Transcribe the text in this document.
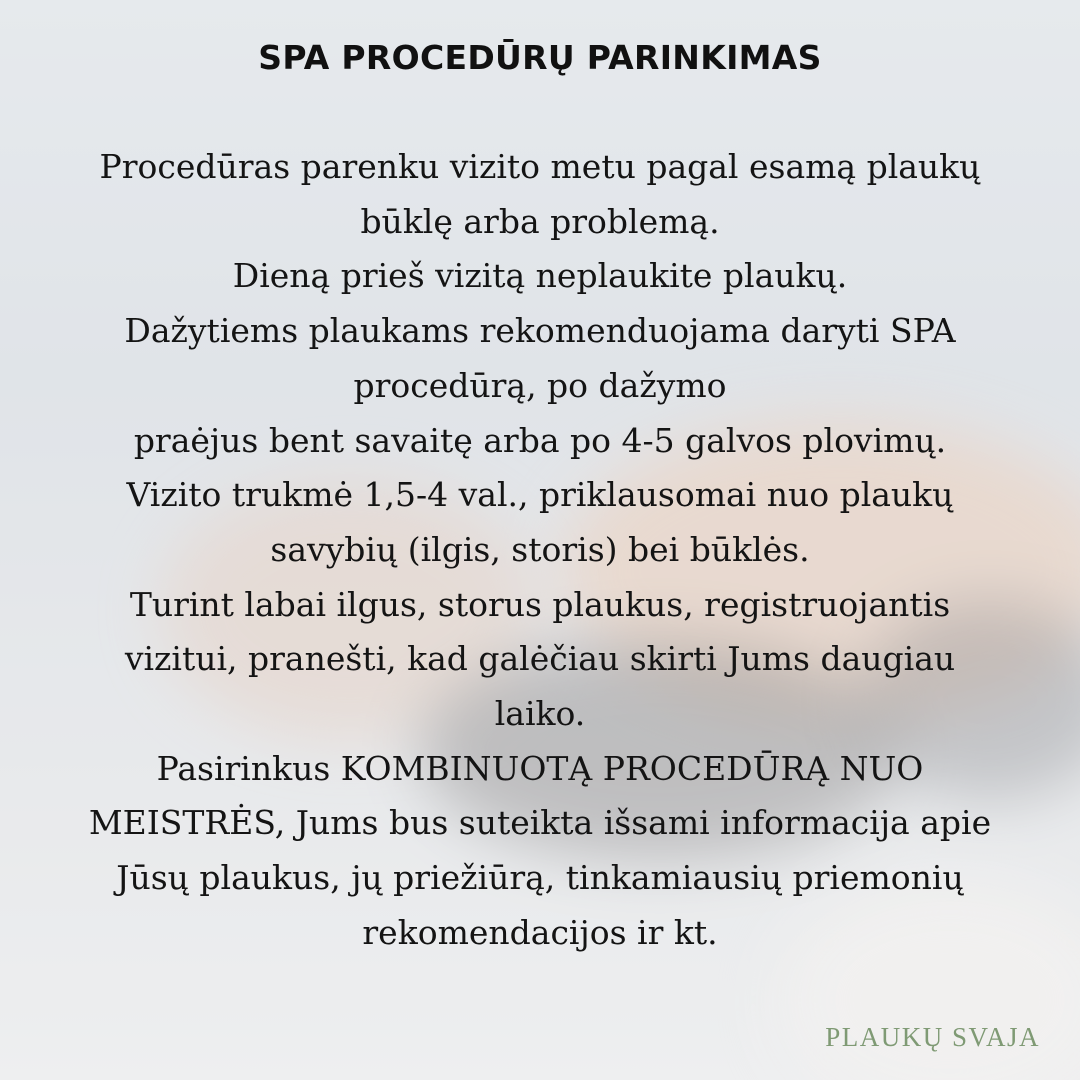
SPA PROCEDŪRŲ PARINKIMAS
Procedūras parenku vizito metu pagal esamą plaukų
būklę arba problemą.
Dieną prieš vizitą neplaukite plaukų.
Dažytiems plaukams rekomenduojama daryti SPA
procedūrą, po dažymo
praėjus bent savaitę arba po 4-5 galvos plovimų.
Vizito trukmė 1,5-4 val., priklausomai nuo plaukų
savybių (ilgis, storis) bei būklės.
Turint labai ilgus, storus plaukus, registruojantis
vizitui, pranešti, kad galėčiau skirti Jums daugiau
laiko.
Pasirinkus KOMBINUOTĄ PROCEDŪRĄ NUO
MEISTRĖS, Jums bus suteikta išsami informacija apie
Jūsų plaukus, jų priežiūrą, tinkamiausių priemonių
rekomendacijos ir kt.
PLAUKŲ SVAJA
